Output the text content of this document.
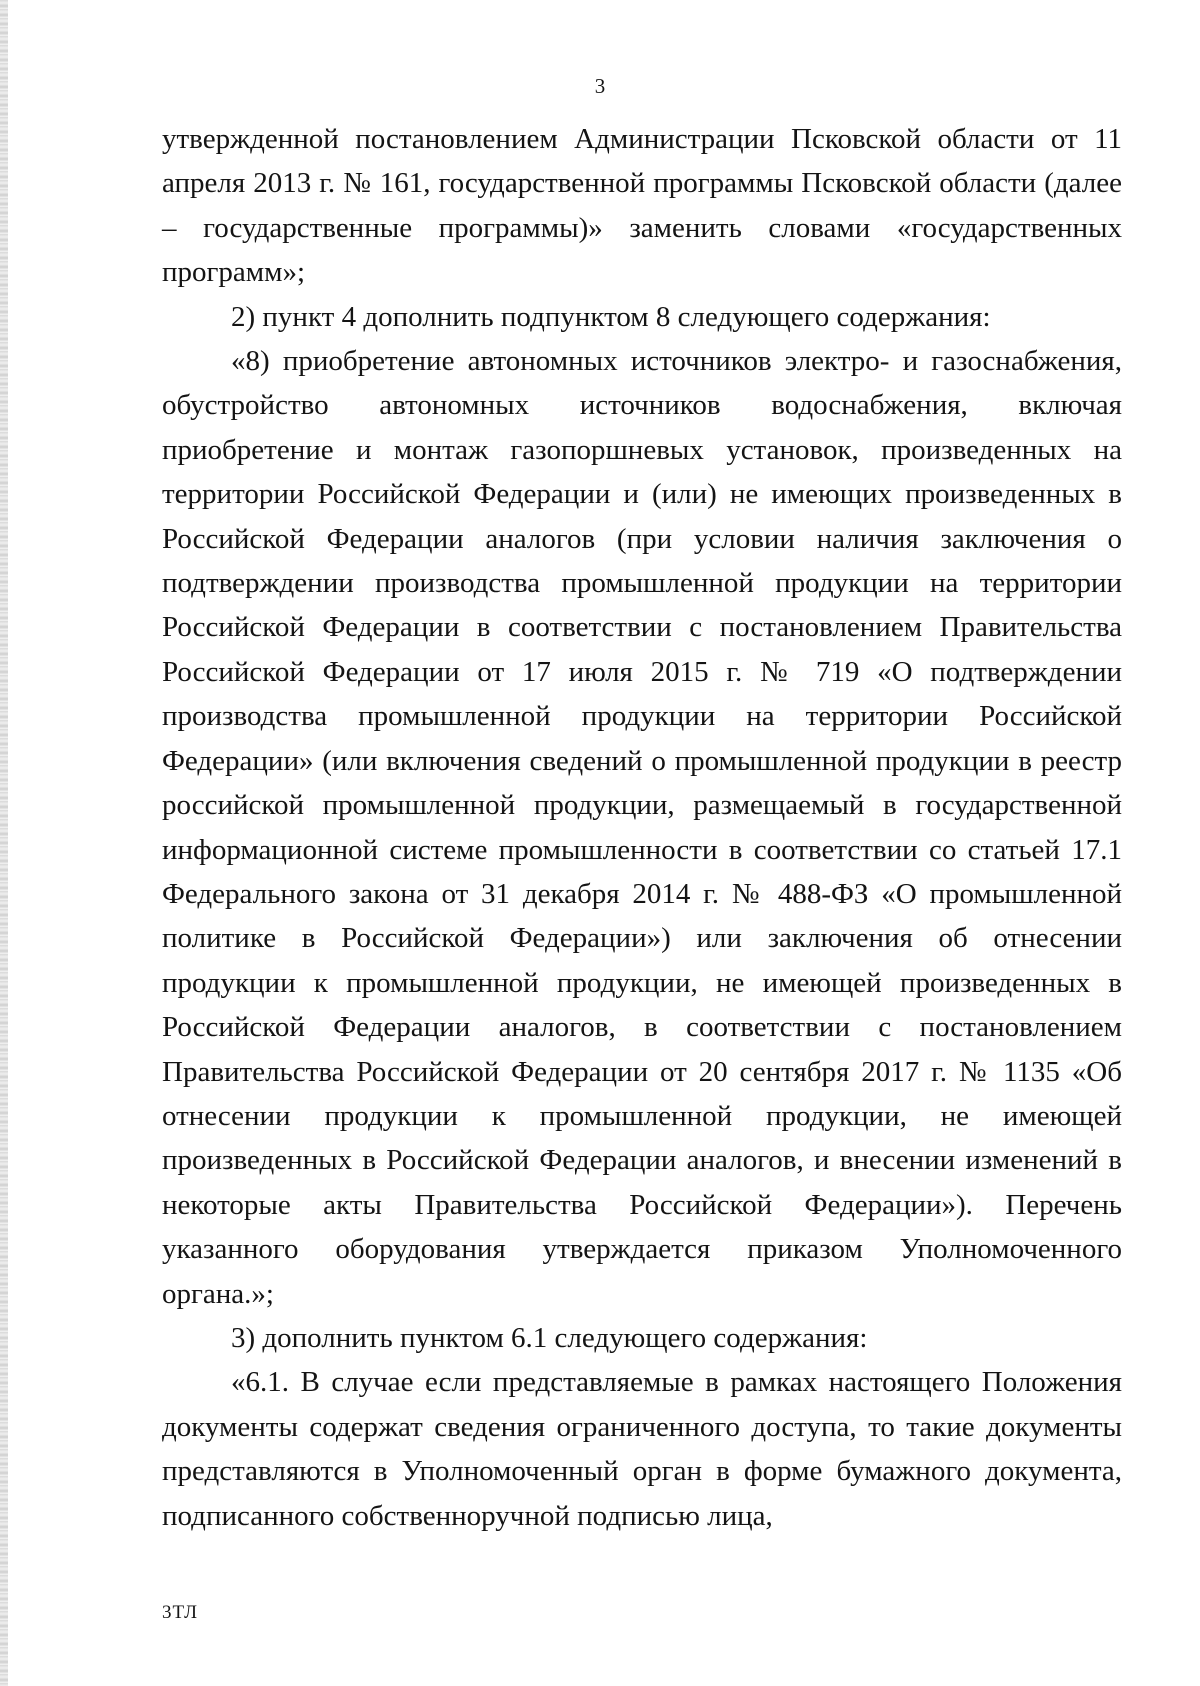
3

утвержденной постановлением Администрации Псковской области от 11 апреля 2013 г. № 161, государственной программы Псковской области (далее – государственные программы)» заменить словами «государственных программ»;

2) пункт 4 дополнить подпунктом 8 следующего содержания:

«8) приобретение автономных источников электро- и газоснабжения, обустройство автономных источников водоснабжения, включая приобретение и монтаж газопоршневых установок, произведенных на территории Российской Федерации и (или) не имеющих произведенных в Российской Федерации аналогов (при условии наличия заключения о подтверждении производства промышленной продукции на территории Российской Федерации в соответствии с постановлением Правительства Российской Федерации от 17 июля 2015 г. № 719 «О подтверждении производства промышленной продукции на территории Российской Федерации» (или включения сведений о промышленной продукции в реестр российской промышленной продукции, размещаемый в государственной информационной системе промышленности в соответствии со статьей 17.1 Федерального закона от 31 декабря 2014 г. № 488-ФЗ «О промышленной политике в Российской Федерации») или заключения об отнесении продукции к промышленной продукции, не имеющей произведенных в Российской Федерации аналогов, в соответствии с постановлением Правительства Российской Федерации от 20 сентября 2017 г. № 1135 «Об отнесении продукции к промышленной продукции, не имеющей произведенных в Российской Федерации аналогов, и внесении изменений в некоторые акты Правительства Российской Федерации»). Перечень указанного оборудования утверждается приказом Уполномоченного органа.»;

3) дополнить пунктом 6.1 следующего содержания:

«6.1. В случае если представляемые в рамках настоящего Положения документы содержат сведения ограниченного доступа, то такие документы представляются в Уполномоченный орган в форме бумажного документа, подписанного собственноручной подписью лица,

3ТЛ
